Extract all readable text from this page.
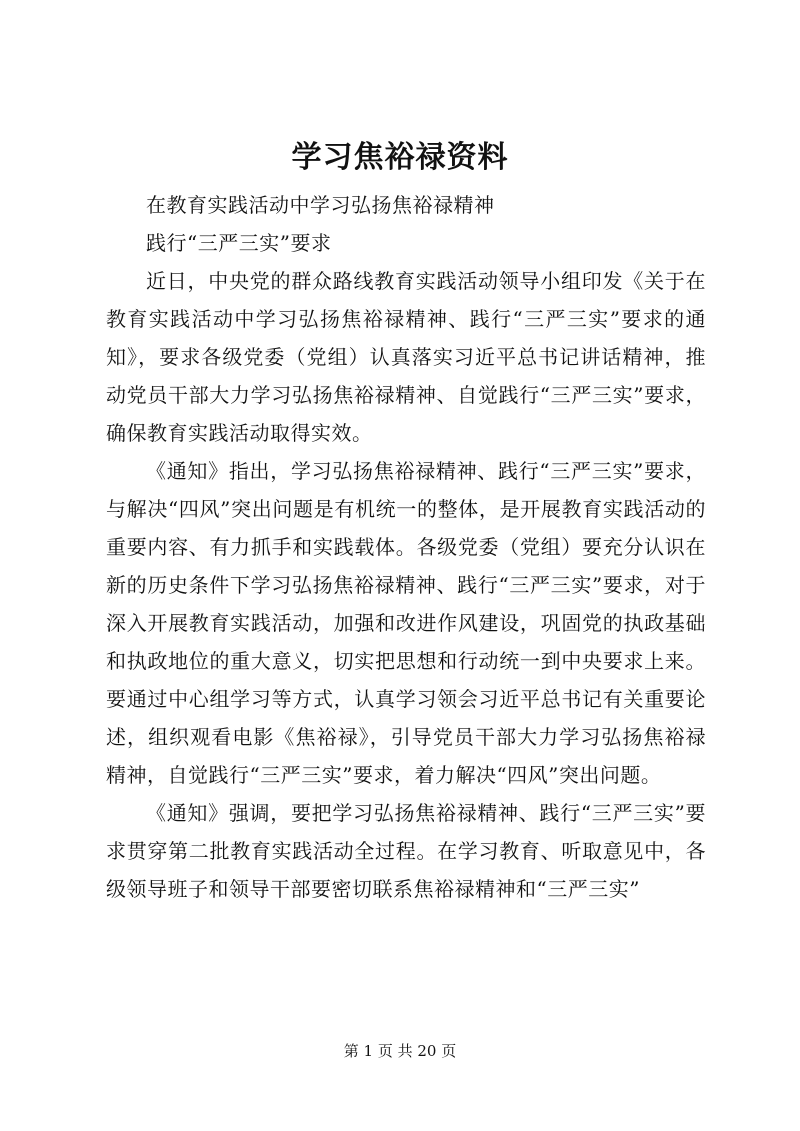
学习焦裕禄资料

在教育实践活动中学习弘扬焦裕禄精神

践行“三严三实”要求

近日，中央党的群众路线教育实践活动领导小组印发《关于在教育实践活动中学习弘扬焦裕禄精神、践行“三严三实”要求的通知》，要求各级党委（党组）认真落实习近平总书记讲话精神，推动党员干部大力学习弘扬焦裕禄精神、自觉践行“三严三实”要求，确保教育实践活动取得实效。

《通知》指出，学习弘扬焦裕禄精神、践行“三严三实”要求，与解决“四风”突出问题是有机统一的整体，是开展教育实践活动的重要内容、有力抓手和实践载体。各级党委（党组）要充分认识在新的历史条件下学习弘扬焦裕禄精神、践行“三严三实”要求，对于深入开展教育实践活动，加强和改进作风建设，巩固党的执政基础和执政地位的重大意义，切实把思想和行动统一到中央要求上来。要通过中心组学习等方式，认真学习领会习近平总书记有关重要论述，组织观看电影《焦裕禄》，引导党员干部大力学习弘扬焦裕禄精神，自觉践行“三严三实”要求，着力解决“四风”突出问题。

《通知》强调，要把学习弘扬焦裕禄精神、践行“三严三实”要求贯穿第二批教育实践活动全过程。在学习教育、听取意见中，各级领导班子和领导干部要密切联系焦裕禄精神和“三严三实”

第 1 页 共 20 页
